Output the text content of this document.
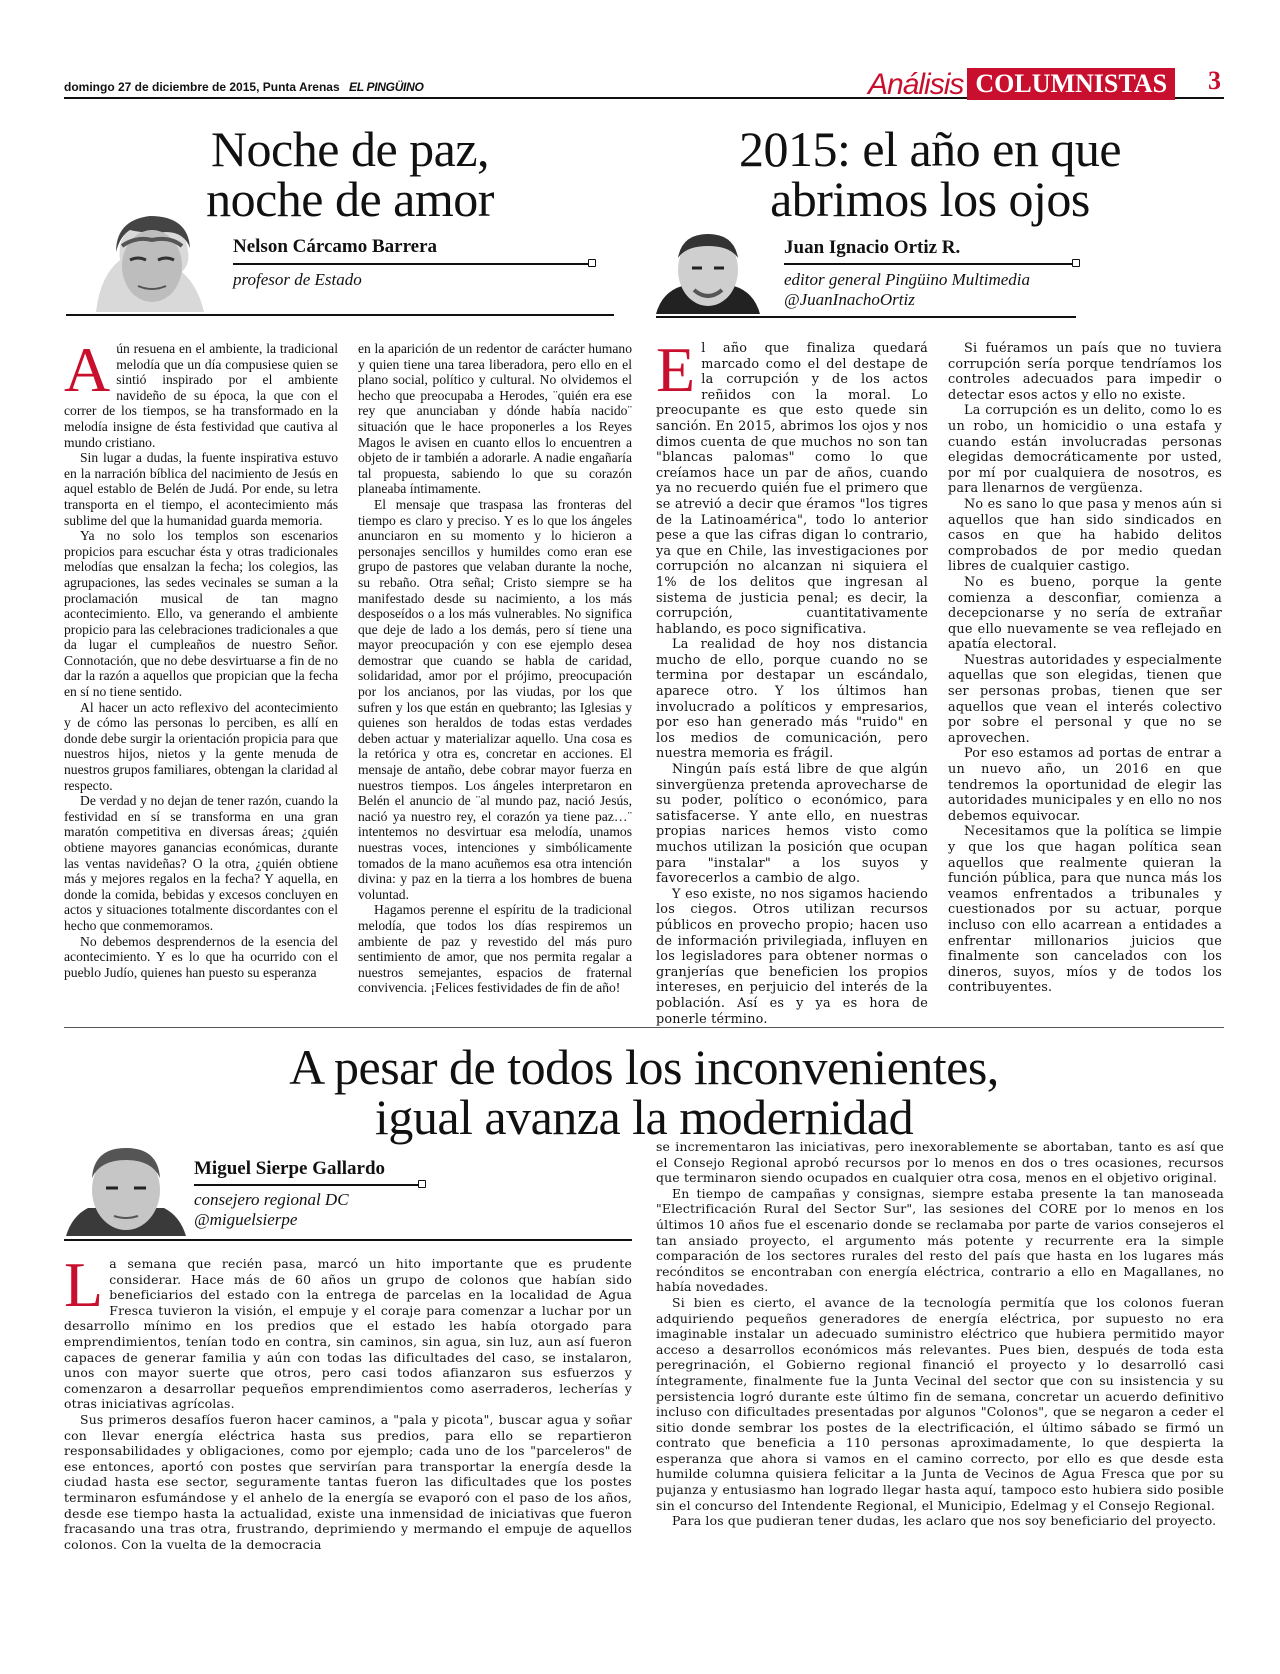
domingo 27 de diciembre de 2015, Punta Arenas EL PINGÜINO	Análisis COLUMNISTAS	3
Noche de paz,
noche de amor
Nelson Cárcamo Barrera
profesor de Estado

Aún resuena en el ambiente, la tradicional melodía que un día compusiese quien se sintió inspirado por el ambiente navideño de su época, la que con el correr de los tiempos, se ha transformado en la melodía insigne de ésta festividad que cautiva al mundo cristiano.

Sin lugar a dudas, la fuente inspirativa estuvo en la narración bíblica del nacimiento de Jesús en aquel establo de Belén de Judá. Por ende, su letra transporta en el tiempo, el acontecimiento más sublime del que la humanidad guarda memoria.

Ya no solo los templos son escenarios propicios para escuchar ésta y otras tradicionales melodías que ensalzan la fecha; los colegios, las agrupaciones, las sedes vecinales se suman a la proclamación musical de tan magno acontecimiento. Ello, va generando el ambiente propicio para las celebraciones tradicionales a que da lugar el cumpleaños de nuestro Señor. Connotación, que no debe desvirtuarse a fin de no dar la razón a aquellos que propician que la fecha en sí no tiene sentido.

Al hacer un acto reflexivo del acontecimiento y de cómo las personas lo perciben, es allí en donde debe surgir la orientación propicia para que nuestros hijos, nietos y la gente menuda de nuestros grupos familiares, obtengan la claridad al respecto.

De verdad y no dejan de tener razón, cuando la festividad en sí se transforma en una gran maratón competitiva en diversas áreas; ¿quién obtiene mayores ganancias económicas, durante las ventas navideñas? O la otra, ¿quién obtiene más y mejores regalos en la fecha? Y aquella, en donde la comida, bebidas y excesos concluyen en actos y situaciones totalmente discordantes con el hecho que conmemoramos.

No debemos desprendernos de la esencia del acontecimiento. Y es lo que ha ocurrido con el pueblo Judío, quienes han puesto su esperanza

en la aparición de un redentor de carácter humano y quien tiene una tarea liberadora, pero ello en el plano social, político y cultural. No olvidemos el hecho que preocupaba a Herodes, ¨quién era ese rey que anunciaban y dónde había nacido¨ situación que le hace proponerles a los Reyes Magos le avisen en cuanto ellos lo encuentren a objeto de ir también a adorarle. A nadie engañaría tal propuesta, sabiendo lo que su corazón planeaba íntimamente.

El mensaje que traspasa las fronteras del tiempo es claro y preciso. Y es lo que los ángeles anunciaron en su momento y lo hicieron a personajes sencillos y humildes como eran ese grupo de pastores que velaban durante la noche, su rebaño. Otra señal; Cristo siempre se ha manifestado desde su nacimiento, a los más desposeídos o a los más vulnerables. No significa que deje de lado a los demás, pero sí tiene una mayor preocupación y con ese ejemplo desea demostrar que cuando se habla de caridad, solidaridad, amor por el prójimo, preocupación por los ancianos, por las viudas, por los que sufren y los que están en quebranto; las Iglesias y quienes son heraldos de todas estas verdades deben actuar y materializar aquello. Una cosa es la retórica y otra es, concretar en acciones. El mensaje de antaño, debe cobrar mayor fuerza en nuestros tiempos. Los ángeles interpretaron en Belén el anuncio de ¨al mundo paz, nació Jesús, nació ya nuestro rey, el corazón ya tiene paz…¨ intentemos no desvirtuar esa melodía, unamos nuestras voces, intenciones y simbólicamente tomados de la mano acuñemos esa otra intención divina: y paz en la tierra a los hombres de buena voluntad.

Hagamos perenne el espíritu de la tradicional melodía, que todos los días respiremos un ambiente de paz y revestido del más puro sentimiento de amor, que nos permita regalar a nuestros semejantes, espacios de fraternal convivencia. ¡Felices festividades de fin de año!

2015: el año en que
abrimos los ojos
Juan Ignacio Ortiz R.
editor general Pingüino Multimedia
@JuanInachoOrtiz

El año que finaliza quedará marcado como el del destape de la corrupción y de los actos reñidos con la moral. Lo preocupante es que esto quede sin sanción. En 2015, abrimos los ojos y nos dimos cuenta de que muchos no son tan "blancas palomas" como lo que creíamos hace un par de años, cuando ya no recuerdo quién fue el primero que se atrevió a decir que éramos "los tigres de la Latinoamérica", todo lo anterior pese a que las cifras digan lo contrario, ya que en Chile, las investigaciones por corrupción no alcanzan ni siquiera el 1% de los delitos que ingresan al sistema de justicia penal; es decir, la corrupción, cuantitativamente hablando, es poco significativa.

La realidad de hoy nos distancia mucho de ello, porque cuando no se termina por destapar un escándalo, aparece otro. Y los últimos han involucrado a políticos y empresarios, por eso han generado más "ruido" en los medios de comunicación, pero nuestra memoria es frágil.

Ningún país está libre de que algún sinvergüenza pretenda aprovecharse de su poder, político o económico, para satisfacerse. Y ante ello, en nuestras propias narices hemos visto como muchos utilizan la posición que ocupan para "instalar" a los suyos y favorecerlos a cambio de algo.

Y eso existe, no nos sigamos haciendo los ciegos. Otros utilizan recursos públicos en provecho propio; hacen uso de información privilegiada, influyen en los legisladores para obtener normas o granjerías que beneficien los propios intereses, en perjuicio del interés de la población. Así es y ya es hora de ponerle término.

Si fuéramos un país que no tuviera corrupción sería porque tendríamos los controles adecuados para impedir o detectar esos actos y ello no existe.

La corrupción es un delito, como lo es un robo, un homicidio o una estafa y cuando están involucradas personas elegidas democráticamente por usted, por mí por cualquiera de nosotros, es para llenarnos de vergüenza.

No es sano lo que pasa y menos aún si aquellos que han sido sindicados en casos en que ha habido delitos comprobados de por medio quedan libres de cualquier castigo.

No es bueno, porque la gente comienza a desconfiar, comienza a decepcionarse y no sería de extrañar que ello nuevamente se vea reflejado en apatía electoral.

Nuestras autoridades y especialmente aquellas que son elegidas, tienen que ser personas probas, tienen que ser aquellos que vean el interés colectivo por sobre el personal y que no se aprovechen.

Por eso estamos ad portas de entrar a un nuevo año, un 2016 en que tendremos la oportunidad de elegir las autoridades municipales y en ello no nos debemos equivocar.

Necesitamos que la política se limpie y que los que hagan política sean aquellos que realmente quieran la función pública, para que nunca más los veamos enfrentados a tribunales y cuestionados por su actuar, porque incluso con ello acarrean a entidades a enfrentar millonarios juicios que finalmente son cancelados con los dineros, suyos, míos y de todos los contribuyentes.

A pesar de todos los inconvenientes,
igual avanza la modernidad
Miguel Sierpe Gallardo
consejero regional DC
@miguelsierpe

La semana que recién pasa, marcó un hito importante que es prudente considerar. Hace más de 60 años un grupo de colonos que habían sido beneficiarios del estado con la entrega de parcelas en la localidad de Agua Fresca tuvieron la visión, el empuje y el coraje para comenzar a luchar por un desarrollo mínimo en los predios que el estado les había otorgado para emprendimientos, tenían todo en contra, sin caminos, sin agua, sin luz, aun así fueron capaces de generar familia y aún con todas las dificultades del caso, se instalaron, unos con mayor suerte que otros, pero casi todos afianzaron sus esfuerzos y comenzaron a desarrollar pequeños emprendimientos como aserraderos, lecherías y otras iniciativas agrícolas.

Sus primeros desafíos fueron hacer caminos, a "pala y picota", buscar agua y soñar con llevar energía eléctrica hasta sus predios, para ello se repartieron responsabilidades y obligaciones, como por ejemplo; cada uno de los "parceleros" de ese entonces, aportó con postes que servirían para transportar la energía desde la ciudad hasta ese sector, seguramente tantas fueron las dificultades que los postes terminaron esfumándose y el anhelo de la energía se evaporó con el paso de los años, desde ese tiempo hasta la actualidad, existe una inmensidad de iniciativas que fueron fracasando una tras otra, frustrando, deprimiendo y mermando el empuje de aquellos colonos. Con la vuelta de la democracia

se incrementaron las iniciativas, pero inexorablemente se abortaban, tanto es así que el Consejo Regional aprobó recursos por lo menos en dos o tres ocasiones, recursos que terminaron siendo ocupados en cualquier otra cosa, menos en el objetivo original.

En tiempo de campañas y consignas, siempre estaba presente la tan manoseada "Electrificación Rural del Sector Sur", las sesiones del CORE por lo menos en los últimos 10 años fue el escenario donde se reclamaba por parte de varios consejeros el tan ansiado proyecto, el argumento más potente y recurrente era la simple comparación de los sectores rurales del resto del país que hasta en los lugares más recónditos se encontraban con energía eléctrica, contrario a ello en Magallanes, no había novedades.

Si bien es cierto, el avance de la tecnología permitía que los colonos fueran adquiriendo pequeños generadores de energía eléctrica, por supuesto no era imaginable instalar un adecuado suministro eléctrico que hubiera permitido mayor acceso a desarrollos económicos más relevantes. Pues bien, después de toda esta peregrinación, el Gobierno regional financió el proyecto y lo desarrolló casi íntegramente, finalmente fue la Junta Vecinal del sector que con su insistencia y su persistencia logró durante este último fin de semana, concretar un acuerdo definitivo incluso con dificultades presentadas por algunos "Colonos", que se negaron a ceder el sitio donde sembrar los postes de la electrificación, el último sábado se firmó un contrato que beneficia a 110 personas aproximadamente, lo que despierta la esperanza que ahora si vamos en el camino correcto, por ello es que desde esta humilde columna quisiera felicitar a la Junta de Vecinos de Agua Fresca que por su pujanza y entusiasmo han logrado llegar hasta aquí, tampoco esto hubiera sido posible sin el concurso del Intendente Regional, el Municipio, Edelmag y el Consejo Regional.

Para los que pudieran tener dudas, les aclaro que nos soy beneficiario del proyecto.
